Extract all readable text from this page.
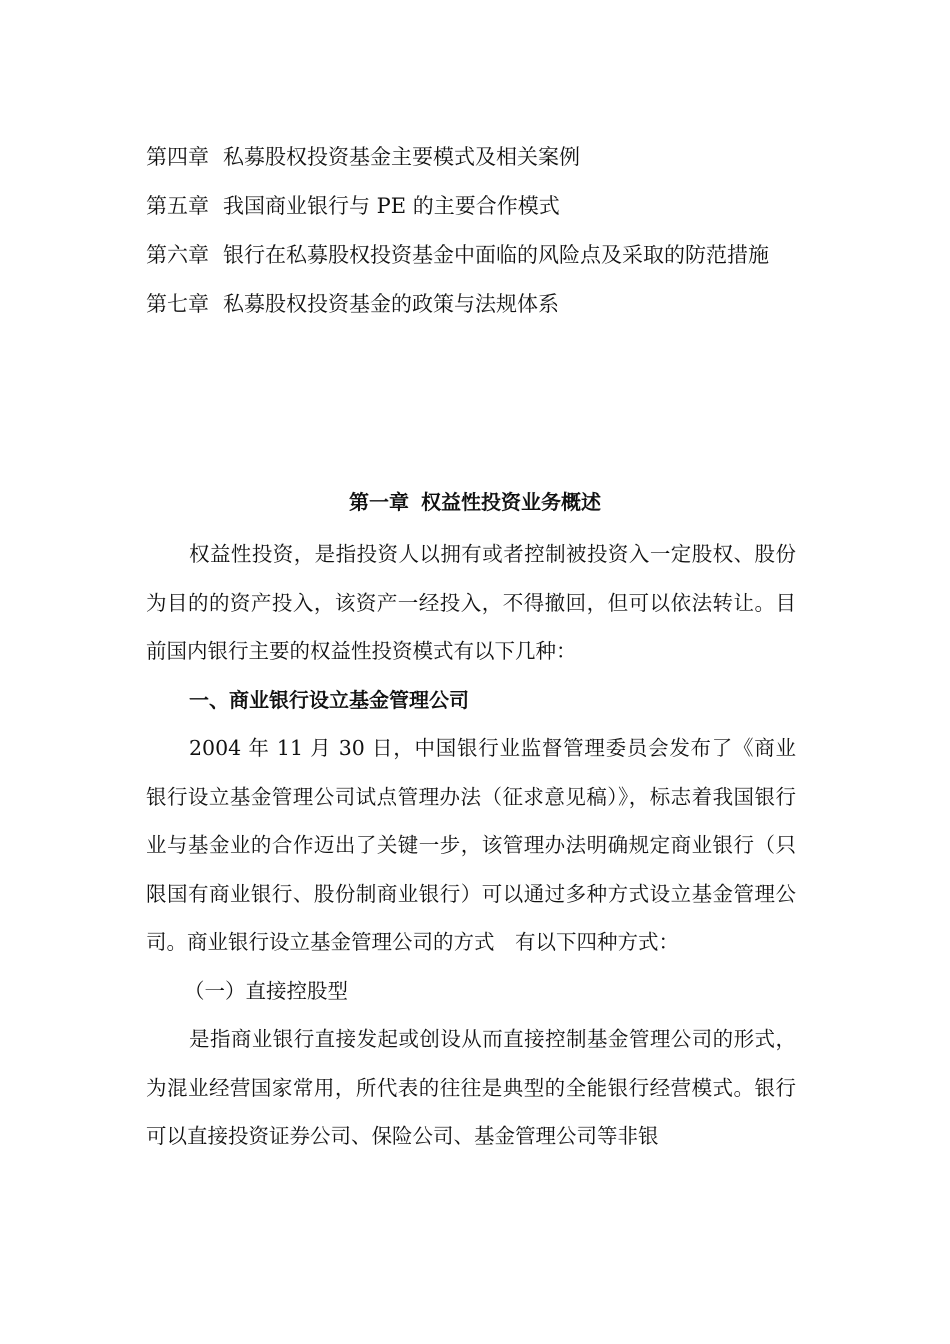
第四章 私募股权投资基金主要模式及相关案例
第五章 我国商业银行与 PE 的主要合作模式
第六章 银行在私募股权投资基金中面临的风险点及采取的防范措施
第七章 私募股权投资基金的政策与法规体系
第一章 权益性投资业务概述

权益性投资，是指投资人以拥有或者控制被投资入一定股权、股份为目的的资产投入，该资产一经投入，不得撤回，但可以依法转让。目前国内银行主要的权益性投资模式有以下几种：

一、商业银行设立基金管理公司

2004 年 11 月 30 日，中国银行业监督管理委员会发布了《商业银行设立基金管理公司试点管理办法（征求意见稿）》，标志着我国银行业与基金业的合作迈出了关键一步，该管理办法明确规定商业银行（只限国有商业银行、股份制商业银行）可以通过多种方式设立基金管理公司。商业银行设立基金管理公司的方式　有以下四种方式：

（一）直接控股型

是指商业银行直接发起或创设从而直接控制基金管理公司的形式，为混业经营国家常用，所代表的往往是典型的全能银行经营模式。银行可以直接投资证券公司、保险公司、基金管理公司等非银
